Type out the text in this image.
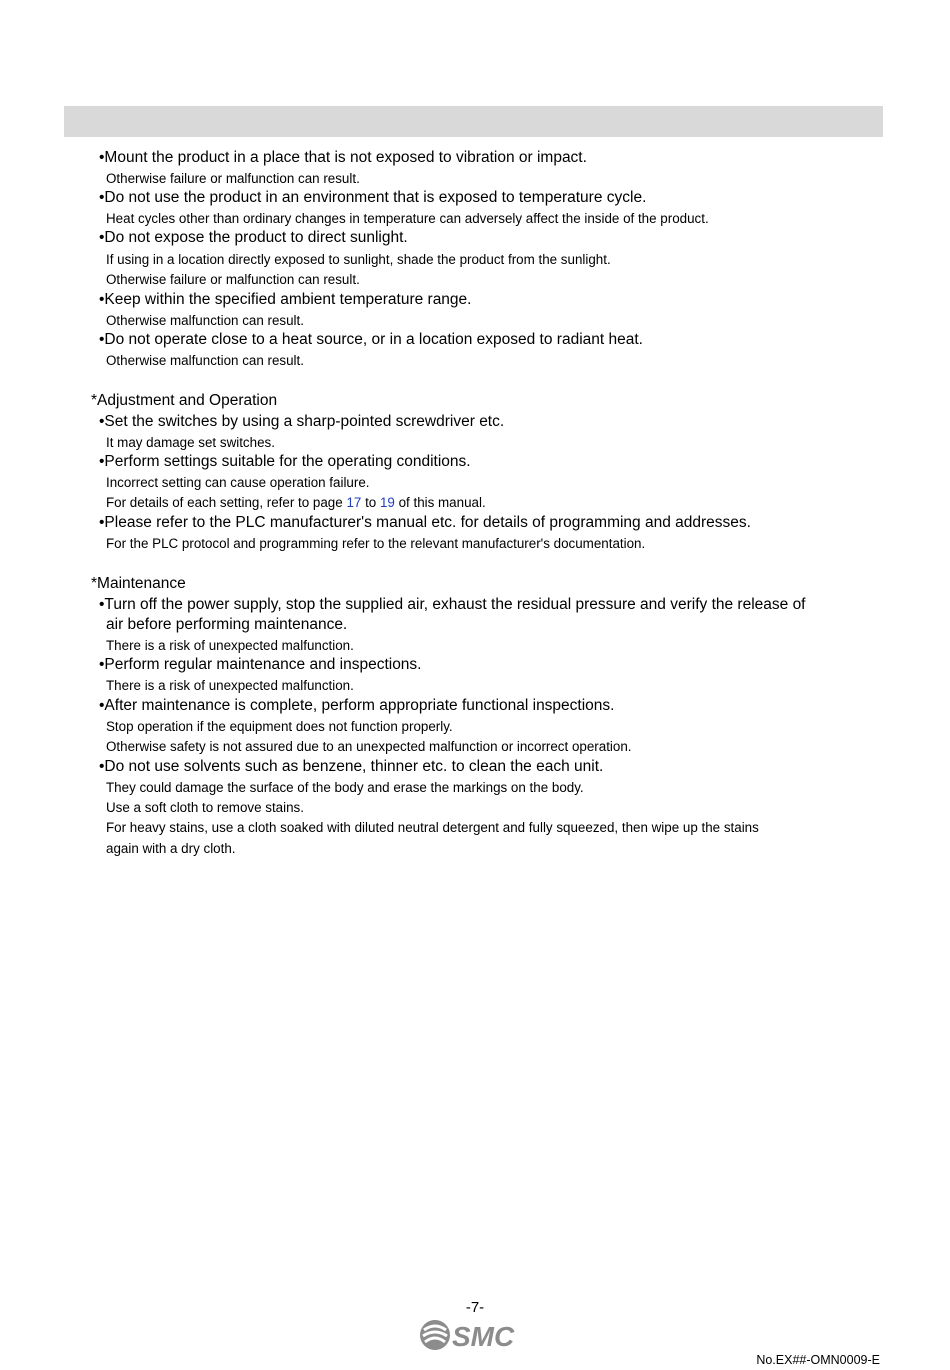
•Mount the product in a place that is not exposed to vibration or impact.
Otherwise failure or malfunction can result.
•Do not use the product in an environment that is exposed to temperature cycle.
Heat cycles other than ordinary changes in temperature can adversely affect the inside of the product.
•Do not expose the product to direct sunlight.
If using in a location directly exposed to sunlight, shade the product from the sunlight.
Otherwise failure or malfunction can result.
•Keep within the specified ambient temperature range.
Otherwise malfunction can result.
•Do not operate close to a heat source, or in a location exposed to radiant heat.
Otherwise malfunction can result.
*Adjustment and Operation
•Set the switches by using a sharp-pointed screwdriver etc.
It may damage set switches.
•Perform settings suitable for the operating conditions.
Incorrect setting can cause operation failure.
For details of each setting, refer to page 17 to 19 of this manual.
•Please refer to the PLC manufacturer's manual etc. for details of programming and addresses.
For the PLC protocol and programming refer to the relevant manufacturer's documentation.
*Maintenance
•Turn off the power supply, stop the supplied air, exhaust the residual pressure and verify the release of
air before performing maintenance.
There is a risk of unexpected malfunction.
•Perform regular maintenance and inspections.
There is a risk of unexpected malfunction.
•After maintenance is complete, perform appropriate functional inspections.
Stop operation if the equipment does not function properly.
Otherwise safety is not assured due to an unexpected malfunction or incorrect operation.
•Do not use solvents such as benzene, thinner etc. to clean the each unit.
They could damage the surface of the body and erase the markings on the body.
Use a soft cloth to remove stains.
For heavy stains, use a cloth soaked with diluted neutral detergent and fully squeezed, then wipe up the stains
again with a dry cloth.
-7-
SMC
No.EX##-OMN0009-E
